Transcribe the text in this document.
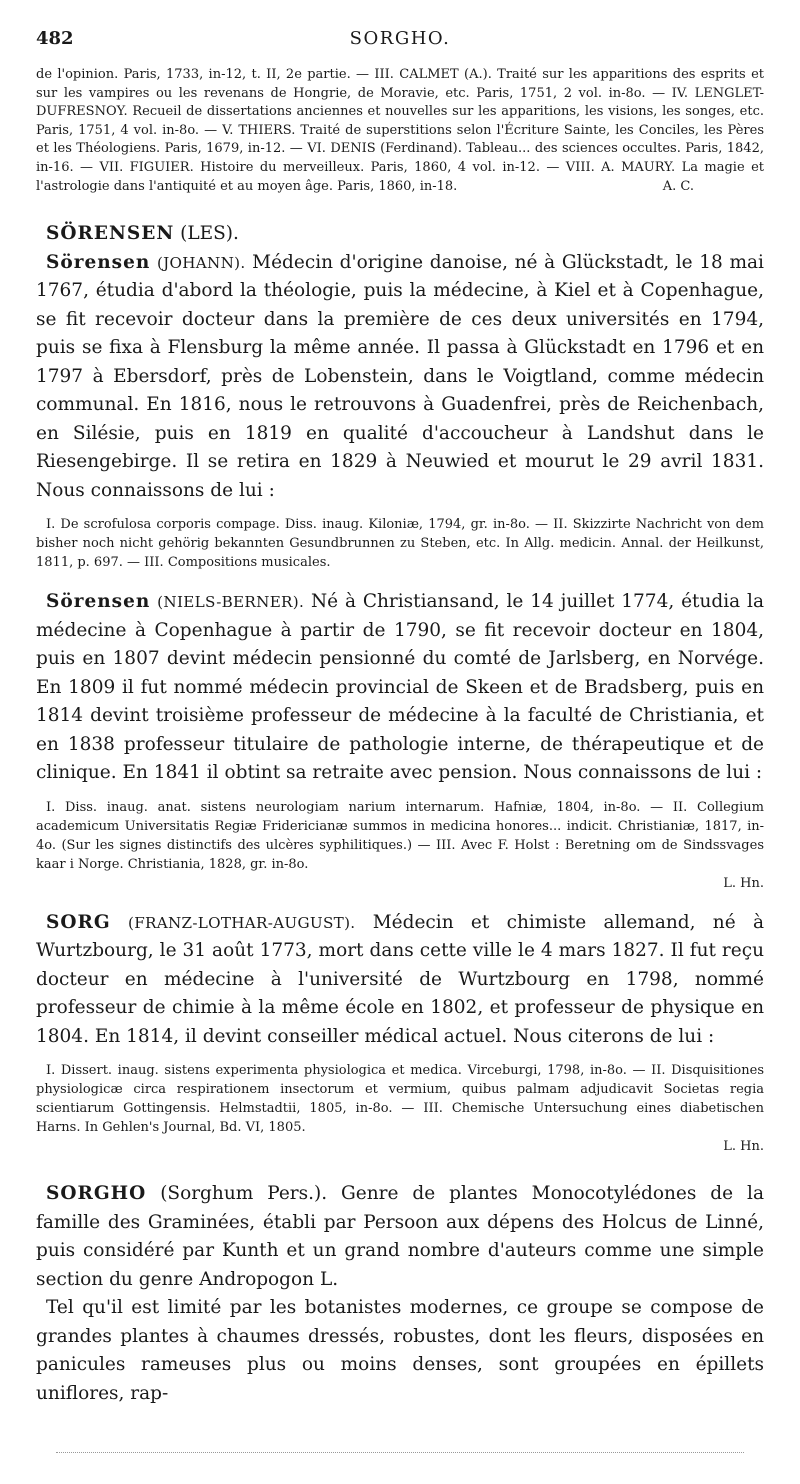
482	SORGHO.

de l'opinion. Paris, 1733, in-12, t. II, 2e partie. — III. CALMET (A.). Traité sur les apparitions des esprits et sur les vampires ou les revenans de Hongrie, de Moravie, etc. Paris, 1751, 2 vol. in-8o. — IV. LENGLET-DUFRESNOY. Recueil de dissertations anciennes et nouvelles sur les apparitions, les visions, les songes, etc. Paris, 1751, 4 vol. in-8o. — V. THIERS. Traité de superstitions selon l'Écriture Sainte, les Conciles, les Pères et les Théologiens. Paris, 1679, in-12. — VI. DENIS (Ferdinand). Tableau... des sciences occultes. Paris, 1842, in-16. — VII. FIGUIER. Histoire du merveilleux. Paris, 1860, 4 vol. in-12. — VIII. A. MAURY. La magie et l'astrologie dans l'antiquité et au moyen âge. Paris, 1860, in-18.	A. C.

SÖRENSEN (LES).

Sörensen (JOHANN). Médecin d'origine danoise, né à Glückstadt, le 18 mai 1767, étudia d'abord la théologie, puis la médecine, à Kiel et à Copenhague, se fit recevoir docteur dans la première de ces deux universités en 1794, puis se fixa à Flensburg la même année. Il passa à Glückstadt en 1796 et en 1797 à Ebersdorf, près de Lobenstein, dans le Voigtland, comme médecin communal. En 1816, nous le retrouvons à Guadenfrei, près de Reichenbach, en Silésie, puis en 1819 en qualité d'accoucheur à Landshut dans le Riesengebirge. Il se retira en 1829 à Neuwied et mourut le 29 avril 1831. Nous connaissons de lui :

I. De scrofulosa corporis compage. Diss. inaug. Kiloniæ, 1794, gr. in-8o. — II. Skizzirte Nachricht von dem bisher noch nicht gehörig bekannten Gesundbrunnen zu Steben, etc. In Allg. medicin. Annal. der Heilkunst, 1811, p. 697. — III. Compositions musicales.

Sörensen (NIELS-BERNER). Né à Christiansand, le 14 juillet 1774, étudia la médecine à Copenhague à partir de 1790, se fit recevoir docteur en 1804, puis en 1807 devint médecin pensionné du comté de Jarlsberg, en Norvége. En 1809 il fut nommé médecin provincial de Skeen et de Bradsberg, puis en 1814 devint troisième professeur de médecine à la faculté de Christiania, et en 1838 professeur titulaire de pathologie interne, de thérapeutique et de clinique. En 1841 il obtint sa retraite avec pension. Nous connaissons de lui :

I. Diss. inaug. anat. sistens neurologiam narium internarum. Hafniæ, 1804, in-8o. — II. Collegium academicum Universitatis Regiæ Fridericianæ summos in medicina honores... indicit. Christianiæ, 1817, in-4o. (Sur les signes distinctifs des ulcères syphilitiques.) — III. Avec F. Holst : Beretning om de Sindssvages kaar i Norge. Christiania, 1828, gr. in-8o.

L. Hn.

SORG (FRANZ-LOTHAR-AUGUST). Médecin et chimiste allemand, né à Wurtzbourg, le 31 août 1773, mort dans cette ville le 4 mars 1827. Il fut reçu docteur en médecine à l'université de Wurtzbourg en 1798, nommé professeur de chimie à la même école en 1802, et professeur de physique en 1804. En 1814, il devint conseiller médical actuel. Nous citerons de lui :

I. Dissert. inaug. sistens experimenta physiologica et medica. Virceburgi, 1798, in-8o. — II. Disquisitiones physiologicæ circa respirationem insectorum et vermium, quibus palmam adjudicavit Societas regia scientiarum Gottingensis. Helmstadtii, 1805, in-8o. — III. Chemische Untersuchung eines diabetischen Harns. In Gehlen's Journal, Bd. VI, 1805.

L. Hn.

SORGHO (Sorghum Pers.). Genre de plantes Monocotylédones de la famille des Graminées, établi par Persoon aux dépens des Holcus de Linné, puis considéré par Kunth et un grand nombre d'auteurs comme une simple section du genre Andropogon L.

Tel qu'il est limité par les botanistes modernes, ce groupe se compose de grandes plantes à chaumes dressés, robustes, dont les fleurs, disposées en panicules rameuses plus ou moins denses, sont groupées en épillets uniflores, rap-
